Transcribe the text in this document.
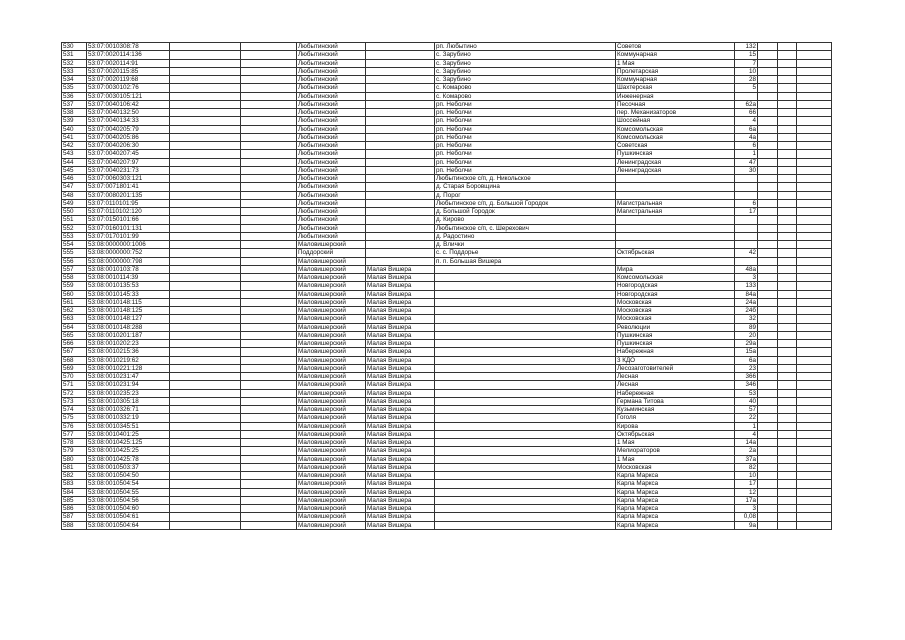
530	53:07:0010308:78			Любытинский		рп. Любытино	Советов	132			
531	53:07:0020114:136			Любытинский		с. Зарубино	Коммунарная	15			
532	53:07:0020114:91			Любытинский		с. Зарубино	1 Мая	7			
533	53:07:0020115:85			Любытинский		с. Зарубино	Пролетарская	10			
534	53:07:0020119:68			Любытинский		с. Зарубино	Коммунарная	28			
535	53:07:0030102:76			Любытинский		с. Комарово	Шахтерская	5			
536	53:07:0030105:121			Любытинский		с. Комарово	Инженерная				
537	53:07:0040106:42			Любытинский		рп. Неболчи	Песочная	62а			
538	53:07:0040132:50			Любытинский		рп. Неболчи	пер. Механизаторов	66			
539	53:07:0040134:33			Любытинский		рп. Неболчи	Шоссейная	4			
540	53:07:0040205:79			Любытинский		рп. Неболчи	Комсомольская	6а			
541	53:07:0040205:86			Любытинский		рп. Неболчи	Комсомольская	4а			
542	53:07:0040206:30			Любытинский		рп. Неболчи	Советская	6			
543	53:07:0040207:45			Любытинский		рп. Неболчи	Пушкинская	1			
544	53:07:0040207:97			Любытинский		рп. Неболчи	Ленинградская	47			
545	53:07:0040231:73			Любытинский		рп. Неболчи	Ленинградская	30			
546	53:07:0060303:121			Любытинский		Любытинское с/п, д. Никольское					
547	53:07:0071801:41			Любытинский		д. Старая Боровщина					
548	53:07:0080201:135			Любытинский		д. Порог					
549	53:07:0110101:95			Любытинский		Любытинское с/п, д. Большой Городок	Магистральная	6			
550	53:07:0110102:120			Любытинский		д. Большой Городок	Магистральная	17			
551	53:07:0150101:66			Любытинский		д. Кирово					
552	53:07:0160101:131			Любытинский		Любытинское с/п, с. Шерехович					
553	53:07:0170101:99			Любытинский		д. Радостино					
554	53:08:0000000:1006			Маловишерский		д. Влички					
555	53:08:0000000:752			Поддорский		с. с. Поддорье	Октябрьская	42			
556	53:08:0000000:798			Маловишерский		п. п. Большая Вишера					
557	53:08:0010103:78			Маловишерский	Малая Вишера		Мира	48а			
558	53:08:0010114:39			Маловишерский	Малая Вишера		Комсомольская	3			
559	53:08:0010135:53			Маловишерский	Малая Вишера		Новгородская	133			
560	53:08:0010145:33			Маловишерский	Малая Вишера		Новгородская	84а			
561	53:08:0010148:115			Маловишерский	Малая Вишера		Московская	24а			
562	53:08:0010148:125			Маловишерский	Малая Вишера		Московская	24б			
563	53:08:0010148:127			Маловишерский	Малая Вишера		Московская	32			
564	53:08:0010148:288			Маловишерский	Малая Вишера		Революции	89			
565	53:08:0010201:187			Маловишерский	Малая Вишера		Пушкинская	20			
566	53:08:0010202:23			Маловишерский	Малая Вишера		Пушкинская	29а			
567	53:08:0010215:36			Маловишерский	Малая Вишера		Набережная	15а			
568	53:08:0010219:62			Маловишерский	Малая Вишера		3 КДО	6а			
569	53:08:0010221:128			Маловишерский	Малая Вишера		Лесозаготовителей	23			
570	53:08:0010231:47			Маловишерский	Малая Вишера		Лесная	366			
571	53:08:0010231:94			Маловишерский	Малая Вишера		Лесная	346			
572	53:08:0010235:23			Маловишерский	Малая Вишера		Набережная	53			
573	53:08:0010305:18			Маловишерский	Малая Вишера		Германа Титова	40			
574	53:08:0010326:71			Маловишерский	Малая Вишера		Кузьминская	57			
575	53:08:0010332:19			Маловишерский	Малая Вишера		Гоголя	22			
576	53:08:0010345:51			Маловишерский	Малая Вишера		Кирова	1			
577	53:08:0010401:25			Маловишерский	Малая Вишера		Октябрьская	4			
578	53:08:0010425:125			Маловишерский	Малая Вишера		1 Мая	14а			
579	53:08:0010425:25			Маловишерский	Малая Вишера		Мелиораторов	2а			
580	53:08:0010425:78			Маловишерский	Малая Вишера		1 Мая	37а			
581	53:08:0010503:37			Маловишерский	Малая Вишера		Московская	82			
582	53:08:0010504:50			Маловишерский	Малая Вишера		Карла Маркса	10			
583	53:08:0010504:54			Маловишерский	Малая Вишера		Карла Маркса	17			
584	53:08:0010504:55			Маловишерский	Малая Вишера		Карла Маркса	12			
585	53:08:0010504:56			Маловишерский	Малая Вишера		Карла Маркса	17а			
586	53:08:0010504:60			Маловишерский	Малая Вишера		Карла Маркса	3			
587	53:08:0010504:61			Маловишерский	Малая Вишера		Карла Маркса	0,08			
588	53:08:0010504:64			Маловишерский	Малая Вишера		Карла Маркса	9а			
